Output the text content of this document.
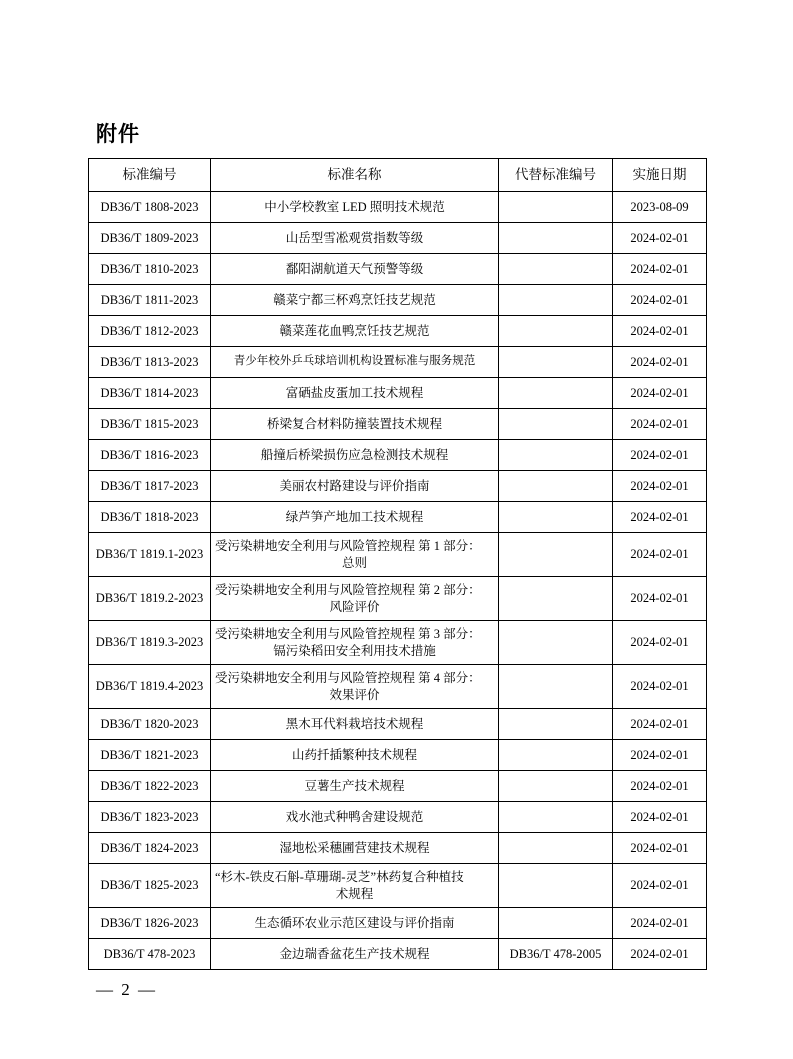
附件
标准编号	标准名称	代替标准编号	实施日期
DB36/T 1808-2023	中小学校教室 LED 照明技术规范		2023-08-09
DB36/T 1809-2023	山岳型雪凇观赏指数等级		2024-02-01
DB36/T 1810-2023	鄱阳湖航道天气预警等级		2024-02-01
DB36/T 1811-2023	赣菜宁都三杯鸡烹饪技艺规范		2024-02-01
DB36/T 1812-2023	赣菜莲花血鸭烹饪技艺规范		2024-02-01
DB36/T 1813-2023	青少年校外乒乓球培训机构设置标准与服务规范		2024-02-01
DB36/T 1814-2023	富硒盐皮蛋加工技术规程		2024-02-01
DB36/T 1815-2023	桥梁复合材料防撞装置技术规程		2024-02-01
DB36/T 1816-2023	船撞后桥梁损伤应急检测技术规程		2024-02-01
DB36/T 1817-2023	美丽农村路建设与评价指南		2024-02-01
DB36/T 1818-2023	绿芦笋产地加工技术规程		2024-02-01
DB36/T 1819.1-2023	受污染耕地安全利用与风险管控规程 第 1 部分：
总则		2024-02-01
DB36/T 1819.2-2023	受污染耕地安全利用与风险管控规程 第 2 部分：
风险评价		2024-02-01
DB36/T 1819.3-2023	受污染耕地安全利用与风险管控规程 第 3 部分：
镉污染稻田安全利用技术措施		2024-02-01
DB36/T 1819.4-2023	受污染耕地安全利用与风险管控规程 第 4 部分：
效果评价		2024-02-01
DB36/T 1820-2023	黑木耳代料栽培技术规程		2024-02-01
DB36/T 1821-2023	山药扦插繁种技术规程		2024-02-01
DB36/T 1822-2023	豆薯生产技术规程		2024-02-01
DB36/T 1823-2023	戏水池式种鸭舍建设规范		2024-02-01
DB36/T 1824-2023	湿地松采穗圃营建技术规程		2024-02-01
DB36/T 1825-2023	“杉木-铁皮石斛-草珊瑚-灵芝”林药复合种植技
术规程		2024-02-01
DB36/T 1826-2023	生态循环农业示范区建设与评价指南		2024-02-01
DB36/T 478-2023	金边瑞香盆花生产技术规程	DB36/T 478-2005	2024-02-01
— 2 —
